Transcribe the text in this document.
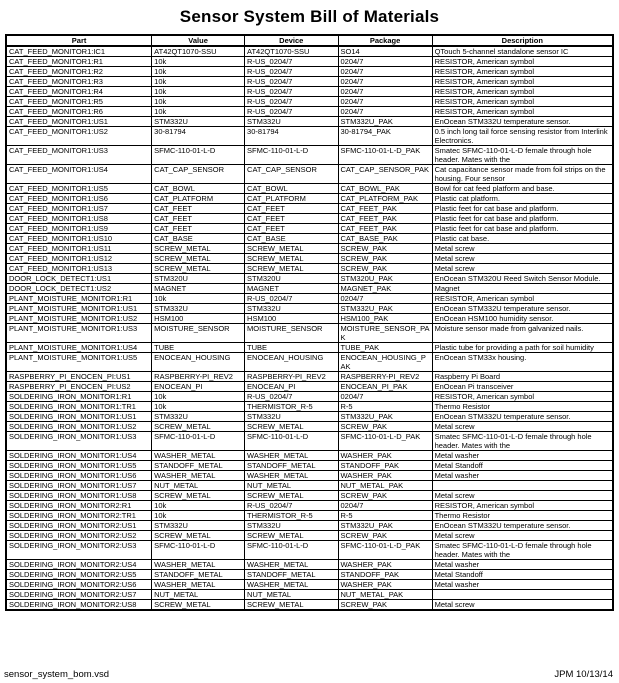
Sensor System Bill of Materials
Part	Value	Device	Package	Description
CAT_FEED_MONITOR1:IC1	AT42QT1070-SSU	AT42QT1070-SSU	SO14	QTouch 5-channel standalone sensor IC
CAT_FEED_MONITOR1:R1	10k	R-US_0204/7	0204/7	RESISTOR, American symbol
CAT_FEED_MONITOR1:R2	10k	R-US_0204/7	0204/7	RESISTOR, American symbol
CAT_FEED_MONITOR1:R3	10k	R-US_0204/7	0204/7	RESISTOR, American symbol
CAT_FEED_MONITOR1:R4	10k	R-US_0204/7	0204/7	RESISTOR, American symbol
CAT_FEED_MONITOR1:R5	10k	R-US_0204/7	0204/7	RESISTOR, American symbol
CAT_FEED_MONITOR1:R6	10k	R-US_0204/7	0204/7	RESISTOR, American symbol
CAT_FEED_MONITOR1:US1	STM332U	STM332U	STM332U_PAK	EnOcean STM332U temperature sensor.
CAT_FEED_MONITOR1:US2	30-81794	30-81794	30-81794_PAK	0.5 inch long tail force sensing resistor from Interlink Electronics.
CAT_FEED_MONITOR1:US3	SFMC-110-01-L-D	SFMC-110-01-L-D	SFMC-110-01-L-D_PAK	Smatec SFMC-110-01-L-D female through hole header. Mates with the
CAT_FEED_MONITOR1:US4	CAT_CAP_SENSOR	CAT_CAP_SENSOR	CAT_CAP_SENSOR_PAK	Cat capacitance sensor made from foil strips on the housing. Four sensor
CAT_FEED_MONITOR1:US5	CAT_BOWL	CAT_BOWL	CAT_BOWL_PAK	Bowl for cat feed platform and base.
CAT_FEED_MONITOR1:US6	CAT_PLATFORM	CAT_PLATFORM	CAT_PLATFORM_PAK	Plastic cat platform.
CAT_FEED_MONITOR1:US7	CAT_FEET	CAT_FEET	CAT_FEET_PAK	Plastic feet for cat base and platform.
CAT_FEED_MONITOR1:US8	CAT_FEET	CAT_FEET	CAT_FEET_PAK	Plastic feet for cat base and platform.
CAT_FEED_MONITOR1:US9	CAT_FEET	CAT_FEET	CAT_FEET_PAK	Plastic feet for cat base and platform.
CAT_FEED_MONITOR1:US10	CAT_BASE	CAT_BASE	CAT_BASE_PAK	Plastic cat base.
CAT_FEED_MONITOR1:US11	SCREW_METAL	SCREW_METAL	SCREW_PAK	Metal screw
CAT_FEED_MONITOR1:US12	SCREW_METAL	SCREW_METAL	SCREW_PAK	Metal screw
CAT_FEED_MONITOR1:US13	SCREW_METAL	SCREW_METAL	SCREW_PAK	Metal screw
DOOR_LOCK_DETECT1:US1	STM320U	STM320U	STM320U_PAK	EnOcean STM320U Reed Switch Sensor Module.
DOOR_LOCK_DETECT1:US2	MAGNET	MAGNET	MAGNET_PAK	Magnet
PLANT_MOISTURE_MONITOR1:R1	10k	R-US_0204/7	0204/7	RESISTOR, American symbol
PLANT_MOISTURE_MONITOR1:US1	STM332U	STM332U	STM332U_PAK	EnOcean STM332U temperature sensor.
PLANT_MOISTURE_MONITOR1:US2	HSM100	HSM100	HSM100_PAK	EnOcean HSM100 humidity sensor.
PLANT_MOISTURE_MONITOR1:US3	MOISTURE_SENSOR	MOISTURE_SENSOR	MOISTURE_SENSOR_PAK	Moisture sensor made from galvanized nails.
PLANT_MOISTURE_MONITOR1:US4	TUBE	TUBE	TUBE_PAK	Plastic tube for providing a path for soil humidity
PLANT_MOISTURE_MONITOR1:US5	ENOCEAN_HOUSING	ENOCEAN_HOUSING	ENOCEAN_HOUSING_PAK	EnOcean STM33x housing.
RASPBERRY_PI_ENOCEN_PI:US1	RASPBERRY-PI_REV2	RASPBERRY-PI_REV2	RASPBERRY-PI_REV2	Raspberry Pi Board
RASPBERRY_PI_ENOCEN_PI:US2	ENOCEAN_PI	ENOCEAN_PI	ENOCEAN_PI_PAK	EnOcean Pi transceiver
SOLDERING_IRON_MONITOR1:R1	10k	R-US_0204/7	0204/7	RESISTOR, American symbol
SOLDERING_IRON_MONITOR1:TR1	10k	THERMISTOR_R-5	R-5	Thermo Resistor
SOLDERING_IRON_MONITOR1:US1	STM332U	STM332U	STM332U_PAK	EnOcean STM332U temperature sensor.
SOLDERING_IRON_MONITOR1:US2	SCREW_METAL	SCREW_METAL	SCREW_PAK	Metal screw
SOLDERING_IRON_MONITOR1:US3	SFMC-110-01-L-D	SFMC-110-01-L-D	SFMC-110-01-L-D_PAK	Smatec SFMC-110-01-L-D female through hole header. Mates with the
SOLDERING_IRON_MONITOR1:US4	WASHER_METAL	WASHER_METAL	WASHER_PAK	Metal washer
SOLDERING_IRON_MONITOR1:US5	STANDOFF_METAL	STANDOFF_METAL	STANDOFF_PAK	Metal Standoff
SOLDERING_IRON_MONITOR1:US6	WASHER_METAL	WASHER_METAL	WASHER_PAK	Metal washer
SOLDERING_IRON_MONITOR1:US7	NUT_METAL	NUT_METAL	NUT_METAL_PAK	
SOLDERING_IRON_MONITOR1:US8	SCREW_METAL	SCREW_METAL	SCREW_PAK	Metal screw
SOLDERING_IRON_MONITOR2:R1	10k	R-US_0204/7	0204/7	RESISTOR, American symbol
SOLDERING_IRON_MONITOR2:TR1	10k	THERMISTOR_R-5	R-5	Thermo Resistor
SOLDERING_IRON_MONITOR2:US1	STM332U	STM332U	STM332U_PAK	EnOcean STM332U temperature sensor.
SOLDERING_IRON_MONITOR2:US2	SCREW_METAL	SCREW_METAL	SCREW_PAK	Metal screw
SOLDERING_IRON_MONITOR2:US3	SFMC-110-01-L-D	SFMC-110-01-L-D	SFMC-110-01-L-D_PAK	Smatec SFMC-110-01-L-D female through hole header. Mates with the
SOLDERING_IRON_MONITOR2:US4	WASHER_METAL	WASHER_METAL	WASHER_PAK	Metal washer
SOLDERING_IRON_MONITOR2:US5	STANDOFF_METAL	STANDOFF_METAL	STANDOFF_PAK	Metal Standoff
SOLDERING_IRON_MONITOR2:US6	WASHER_METAL	WASHER_METAL	WASHER_PAK	Metal washer
SOLDERING_IRON_MONITOR2:US7	NUT_METAL	NUT_METAL	NUT_METAL_PAK	
SOLDERING_IRON_MONITOR2:US8	SCREW_METAL	SCREW_METAL	SCREW_PAK	Metal screw
sensor_system_bom.vsd	JPM 10/13/14
